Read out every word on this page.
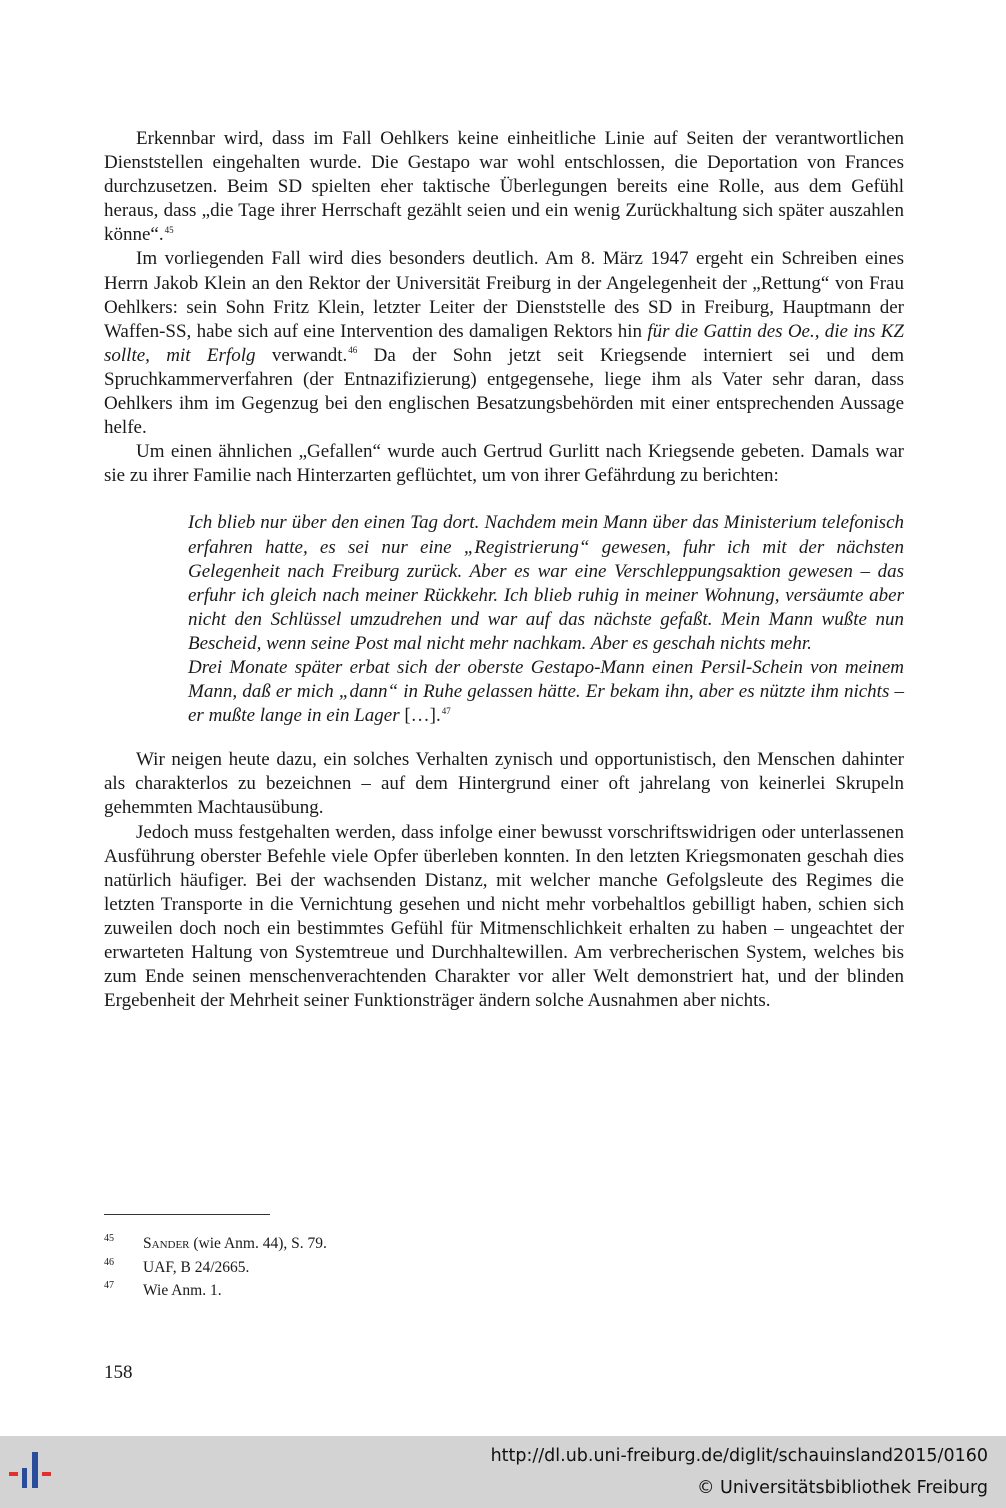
Erkennbar wird, dass im Fall Oehlkers keine einheitliche Linie auf Seiten der verantwortlichen Dienststellen eingehalten wurde. Die Gestapo war wohl entschlossen, die Deportation von Frances durchzusetzen. Beim SD spielten eher taktische Überlegungen bereits eine Rolle, aus dem Gefühl heraus, dass „die Tage ihrer Herrschaft gezählt seien und ein wenig Zurückhaltung sich später auszahlen könne“.$^{45}$

Im vorliegenden Fall wird dies besonders deutlich. Am 8. März 1947 ergeht ein Schreiben eines Herrn Jakob Klein an den Rektor der Universität Freiburg in der Angelegenheit der „Rettung“ von Frau Oehlkers: sein Sohn Fritz Klein, letzter Leiter der Dienststelle des SD in Freiburg, Hauptmann der Waffen-SS, habe sich auf eine Intervention des damaligen Rektors hin für die Gattin des Oe., die ins KZ sollte, mit Erfolg verwandt.$^{46}$ Da der Sohn jetzt seit Kriegsende interniert sei und dem Spruchkammerverfahren (der Entnazifizierung) entgegensehe, liege ihm als Vater sehr daran, dass Oehlkers ihm im Gegenzug bei den englischen Besatzungsbehörden mit einer entsprechenden Aussage helfe.

Um einen ähnlichen „Gefallen“ wurde auch Gertrud Gurlitt nach Kriegsende gebeten. Damals war sie zu ihrer Familie nach Hinterzarten geflüchtet, um von ihrer Gefährdung zu berichten:

Ich blieb nur über den einen Tag dort. Nachdem mein Mann über das Ministerium telefonisch erfahren hatte, es sei nur eine „Registrierung“ gewesen, fuhr ich mit der nächsten Gelegenheit nach Freiburg zurück. Aber es war eine Verschleppungsaktion gewesen – das erfuhr ich gleich nach meiner Rückkehr. Ich blieb ruhig in meiner Wohnung, versäumte aber nicht den Schlüssel umzudrehen und war auf das nächste gefaßt. Mein Mann wußte nun Bescheid, wenn seine Post mal nicht mehr nachkam. Aber es geschah nichts mehr.

Drei Monate später erbat sich der oberste Gestapo-Mann einen Persil-Schein von meinem Mann, daß er mich „dann“ in Ruhe gelassen hätte. Er bekam ihn, aber es nützte ihm nichts – er mußte lange in ein Lager […].$^{47}$

Wir neigen heute dazu, ein solches Verhalten zynisch und opportunistisch, den Menschen dahinter als charakterlos zu bezeichnen – auf dem Hintergrund einer oft jahrelang von keinerlei Skrupeln gehemmten Machtausübung.

Jedoch muss festgehalten werden, dass infolge einer bewusst vorschriftswidrigen oder unterlassenen Ausführung oberster Befehle viele Opfer überleben konnten. In den letzten Kriegsmonaten geschah dies natürlich häufiger. Bei der wachsenden Distanz, mit welcher manche Gefolgsleute des Regimes die letzten Transporte in die Vernichtung gesehen und nicht mehr vorbehaltlos gebilligt haben, schien sich zuweilen doch noch ein bestimmtes Gefühl für Mitmenschlichkeit erhalten zu haben – ungeachtet der erwarteten Haltung von Systemtreue und Durchhaltewillen. Am verbrecherischen System, welches bis zum Ende seinen menschenverachtenden Charakter vor aller Welt demonstriert hat, und der blinden Ergebenheit der Mehrheit seiner Funktionsträger ändern solche Ausnahmen aber nichts.

45	Sander (wie Anm. 44), S. 79.
46	UAF, B 24/2665.
47	Wie Anm. 1.
158
http://dl.ub.uni-freiburg.de/diglit/schauinsland2015/0160
© Universitätsbibliothek Freiburg
